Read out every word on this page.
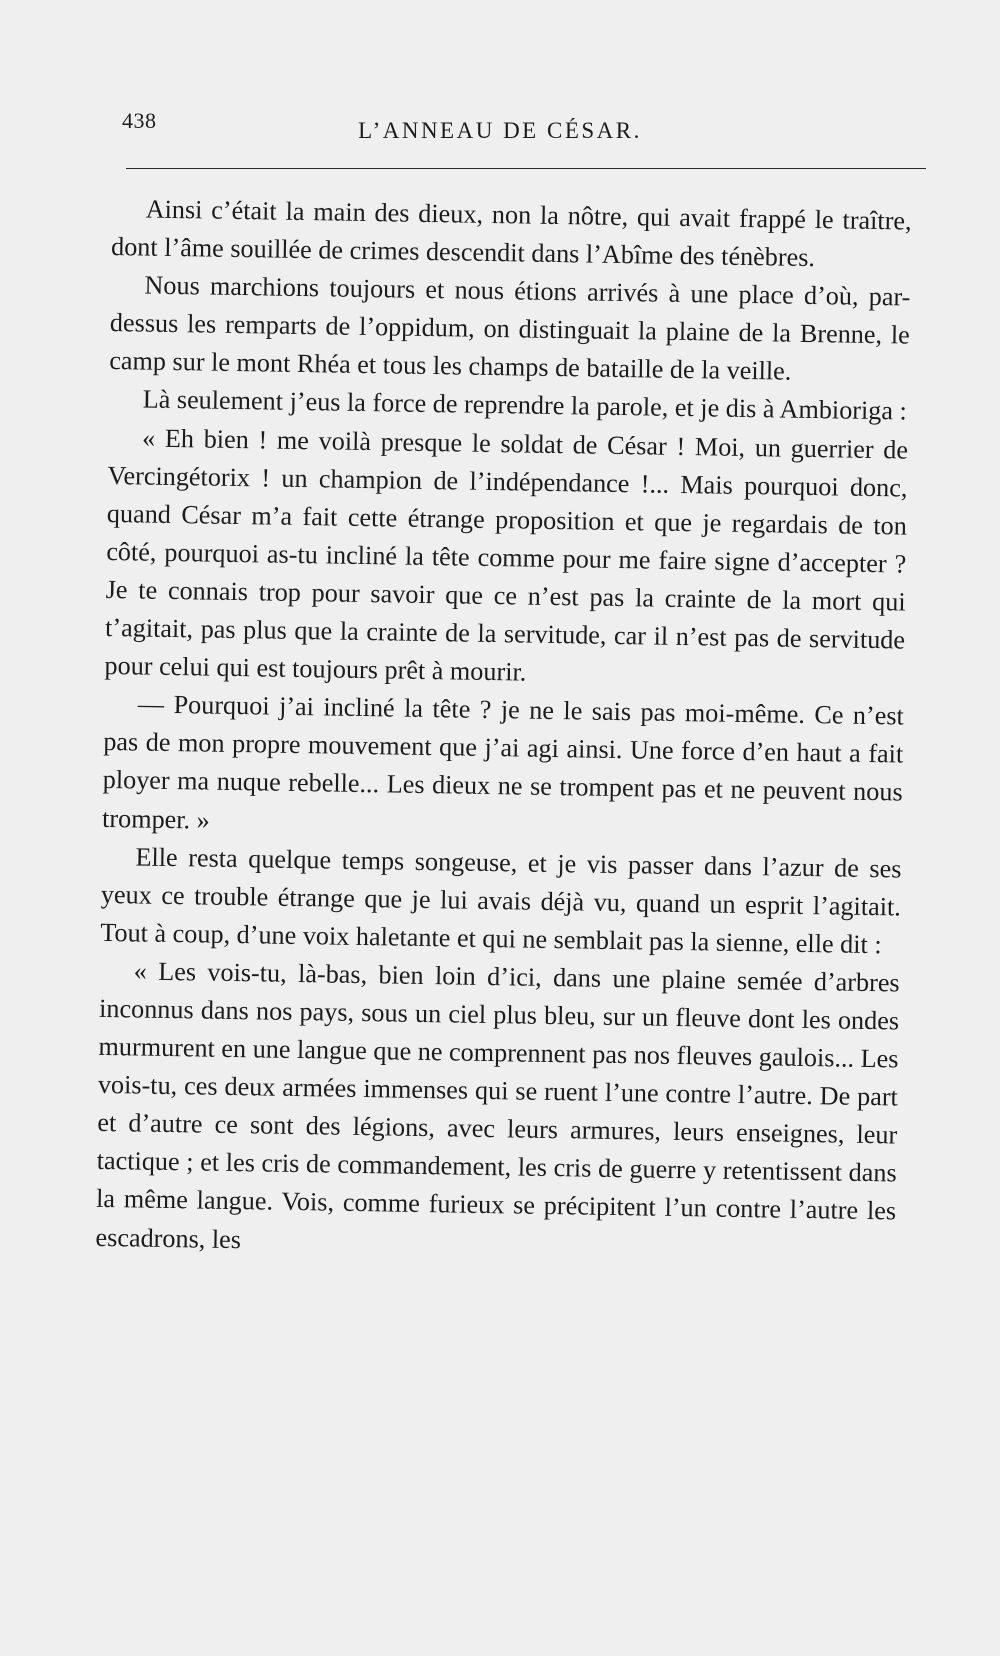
438	L’ANNEAU DE CÉSAR.

Ainsi c’était la main des dieux, non la nôtre, qui avait frappé le traître, dont l’âme souillée de crimes descendit dans l’Abîme des ténèbres.

Nous marchions toujours et nous étions arrivés à une place d’où, par-dessus les remparts de l’oppidum, on distinguait la plaine de la Brenne, le camp sur le mont Rhéa et tous les champs de bataille de la veille.

Là seulement j’eus la force de reprendre la parole, et je dis à Ambioriga :

« Eh bien ! me voilà presque le soldat de César ! Moi, un guerrier de Vercingétorix ! un champion de l’indépendance !... Mais pourquoi donc, quand César m’a fait cette étrange proposition et que je regardais de ton côté, pourquoi as-tu incliné la tête comme pour me faire signe d’accepter ? Je te connais trop pour savoir que ce n’est pas la crainte de la mort qui t’agitait, pas plus que la crainte de la servitude, car il n’est pas de servitude pour celui qui est toujours prêt à mourir.

— Pourquoi j’ai incliné la tête ? je ne le sais pas moi-même. Ce n’est pas de mon propre mouvement que j’ai agi ainsi. Une force d’en haut a fait ployer ma nuque rebelle... Les dieux ne se trompent pas et ne peuvent nous tromper. »

Elle resta quelque temps songeuse, et je vis passer dans l’azur de ses yeux ce trouble étrange que je lui avais déjà vu, quand un esprit l’agitait. Tout à coup, d’une voix haletante et qui ne semblait pas la sienne, elle dit :

« Les vois-tu, là-bas, bien loin d’ici, dans une plaine semée d’arbres inconnus dans nos pays, sous un ciel plus bleu, sur un fleuve dont les ondes murmurent en une langue que ne comprennent pas nos fleuves gaulois... Les vois-tu, ces deux armées immenses qui se ruent l’une contre l’autre. De part et d’autre ce sont des légions, avec leurs armures, leurs enseignes, leur tactique ; et les cris de commandement, les cris de guerre y retentissent dans la même langue. Vois, comme furieux se précipitent l’un contre l’autre les escadrons, les
